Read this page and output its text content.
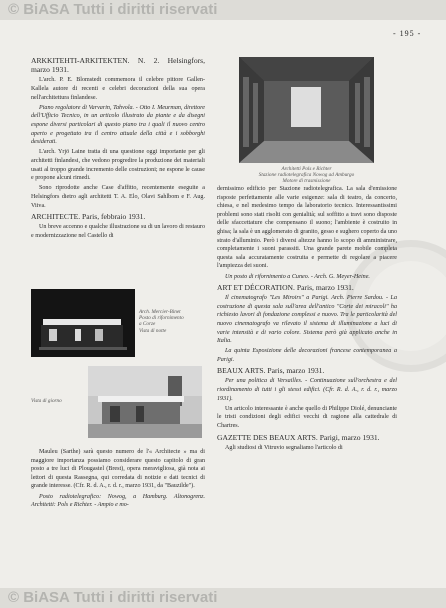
© BiASA Tutti i diritti riservati
- 195 -

ARKKITEHTI-ARKITEKTEN. N. 2. Helsingfors, marzo 1931.

L'arch. P. E. Blomstedt commemora il celebre pittore Gallen-Kallela autore di recenti e celebri decorazioni della sua opera nell'architettura finlandese.

Piano regolatore di Varvarin, Tahvola. - Otto I. Meurman, direttore dell'Ufficio Tecnico, in un articolo illustrato da piante e da disegni espone diversi particolari di questo piano tra i quali il nuovo centro aperto e progettato tra il centro attuale della città e i sobborghi desiderati.

L'arch. Yrjö Laine tratta di una questione oggi importante per gli architetti finlandesi, che vedono progredire la produzione dei materiali usati al troppo grande incremento delle costruzioni; ne espone le cause e propone alcuni rimedi.

Sono riprodotte anche Case d'affitto, recentemente eseguite a Helsingfors dietro agli architetti T. A. Elo, Olavi Sahlbom e F. Aug. Viiva.

ARCHITECTE. Paris, febbraio 1931.

Un breve accenno e qualche illustrazione su di un lavoro di restauro e modernizzazione nel Castello di

Arch. Mercier-Binet
Posto di rifornimento
a Corze
Vista di notte
Vista di giorno

Mauleu (Sarthe) sarà questo numero de l'« Architecte » ma di maggiore importanza possiamo considerare questo capitolo di gran posto a tre luci di Plougastel (Brest), opera meravigliosa, già nota ai lettori di questa Rassegna, qui corredata di notizie e dati tecnici di grande interesse. (Cfr. R. d. A., r. d. r., marzo 1931, da "Bauzilde").

Posto radiotelegrafico: Nowog, a Hamburg. Altonogrenz. Architetti: Pols e Richter. - Ampio e mo-

Architetti Pols e Richter
Stazione radiotelegrafica Nowog ad Amburgo
Motore di trasmissione

dernissimo edificio per Stazione radiotelegrafica. La sala d'emissione risposte perfettamente alle varie esigenze: sala di teatro, da concerto, chiesa, e nel medesimo tempo da laboratorio tecnico. Interessantissimi problemi sono stati risolti con genialità; sul soffitto a travi sono disposte delle sfaccettature che compensano il suono; l'ambiente è costruito in ghisa; la sala è un agglomerato di granito, gesso e sughero coperto da uno strato d'alluminio. Però i diversi altezze hanno lo scopo di amministrare, completamente i suoni parassiti. Una grande parete mobile completa questa sala accuratamente costruita e permette di regolare a piacere l'ampiezza dei suoni.

Un posto di rifornimento a Cuneo. - Arch. G. Meyer-Heine.

ART ET DÉCORATION. Paris, marzo 1931.

Il cinematografo "Les Miroirs" a Parigi. Arch. Pierre Sardou. - La costruzione di questa sala sull'area dell'antico "Corte dei miracoli" ha richiesto lavori di fondazione complessi e nuovo. Tra le particolarità del nuovo cinematografo va rilevato il sistema di illuminazione a luci di varie intensità e di vario colore. Sistema però già applicato anche in Italia.

La quinta Esposizione delle decorazioni francese contemporanea a Parigi.

BEAUX ARTS. Paris, marzo 1931.

Per una politica di Versailles. - Continuazione sull'orchestra e del riordinamento di tutti i gli stessi edifici. (Cfr. R. d. A., r. d. r., marzo 1931).

Un articolo interessante è anche quello di Philippe Diolé, denunciante le tristi condizioni degli edifici vecchi di ragione alla cattedrale di Chartres.

GAZETTE DES BEAUX ARTS. Parigi, marzo 1931.

Agli studiosi di Vitruvio segnaliamo l'articolo di

© BiASA Tutti i diritti riservati
